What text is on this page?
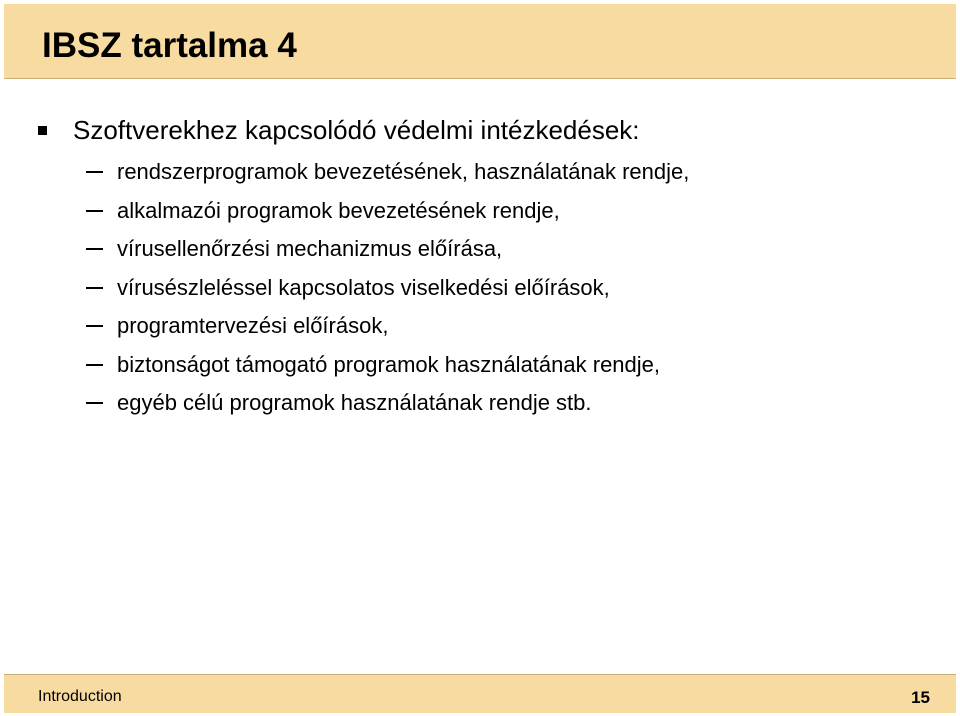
IBSZ tartalma 4
Szoftverekhez kapcsolódó védelmi intézkedések:
rendszerprogramok bevezetésének, használatának rendje,
alkalmazói programok bevezetésének rendje,
vírusellenőrzési mechanizmus előírása,
vírusészleléssel kapcsolatos viselkedési előírások,
programtervezési előírások,
biztonságot támogató programok használatának rendje,
egyéb célú programok használatának rendje stb.
Introduction	15
